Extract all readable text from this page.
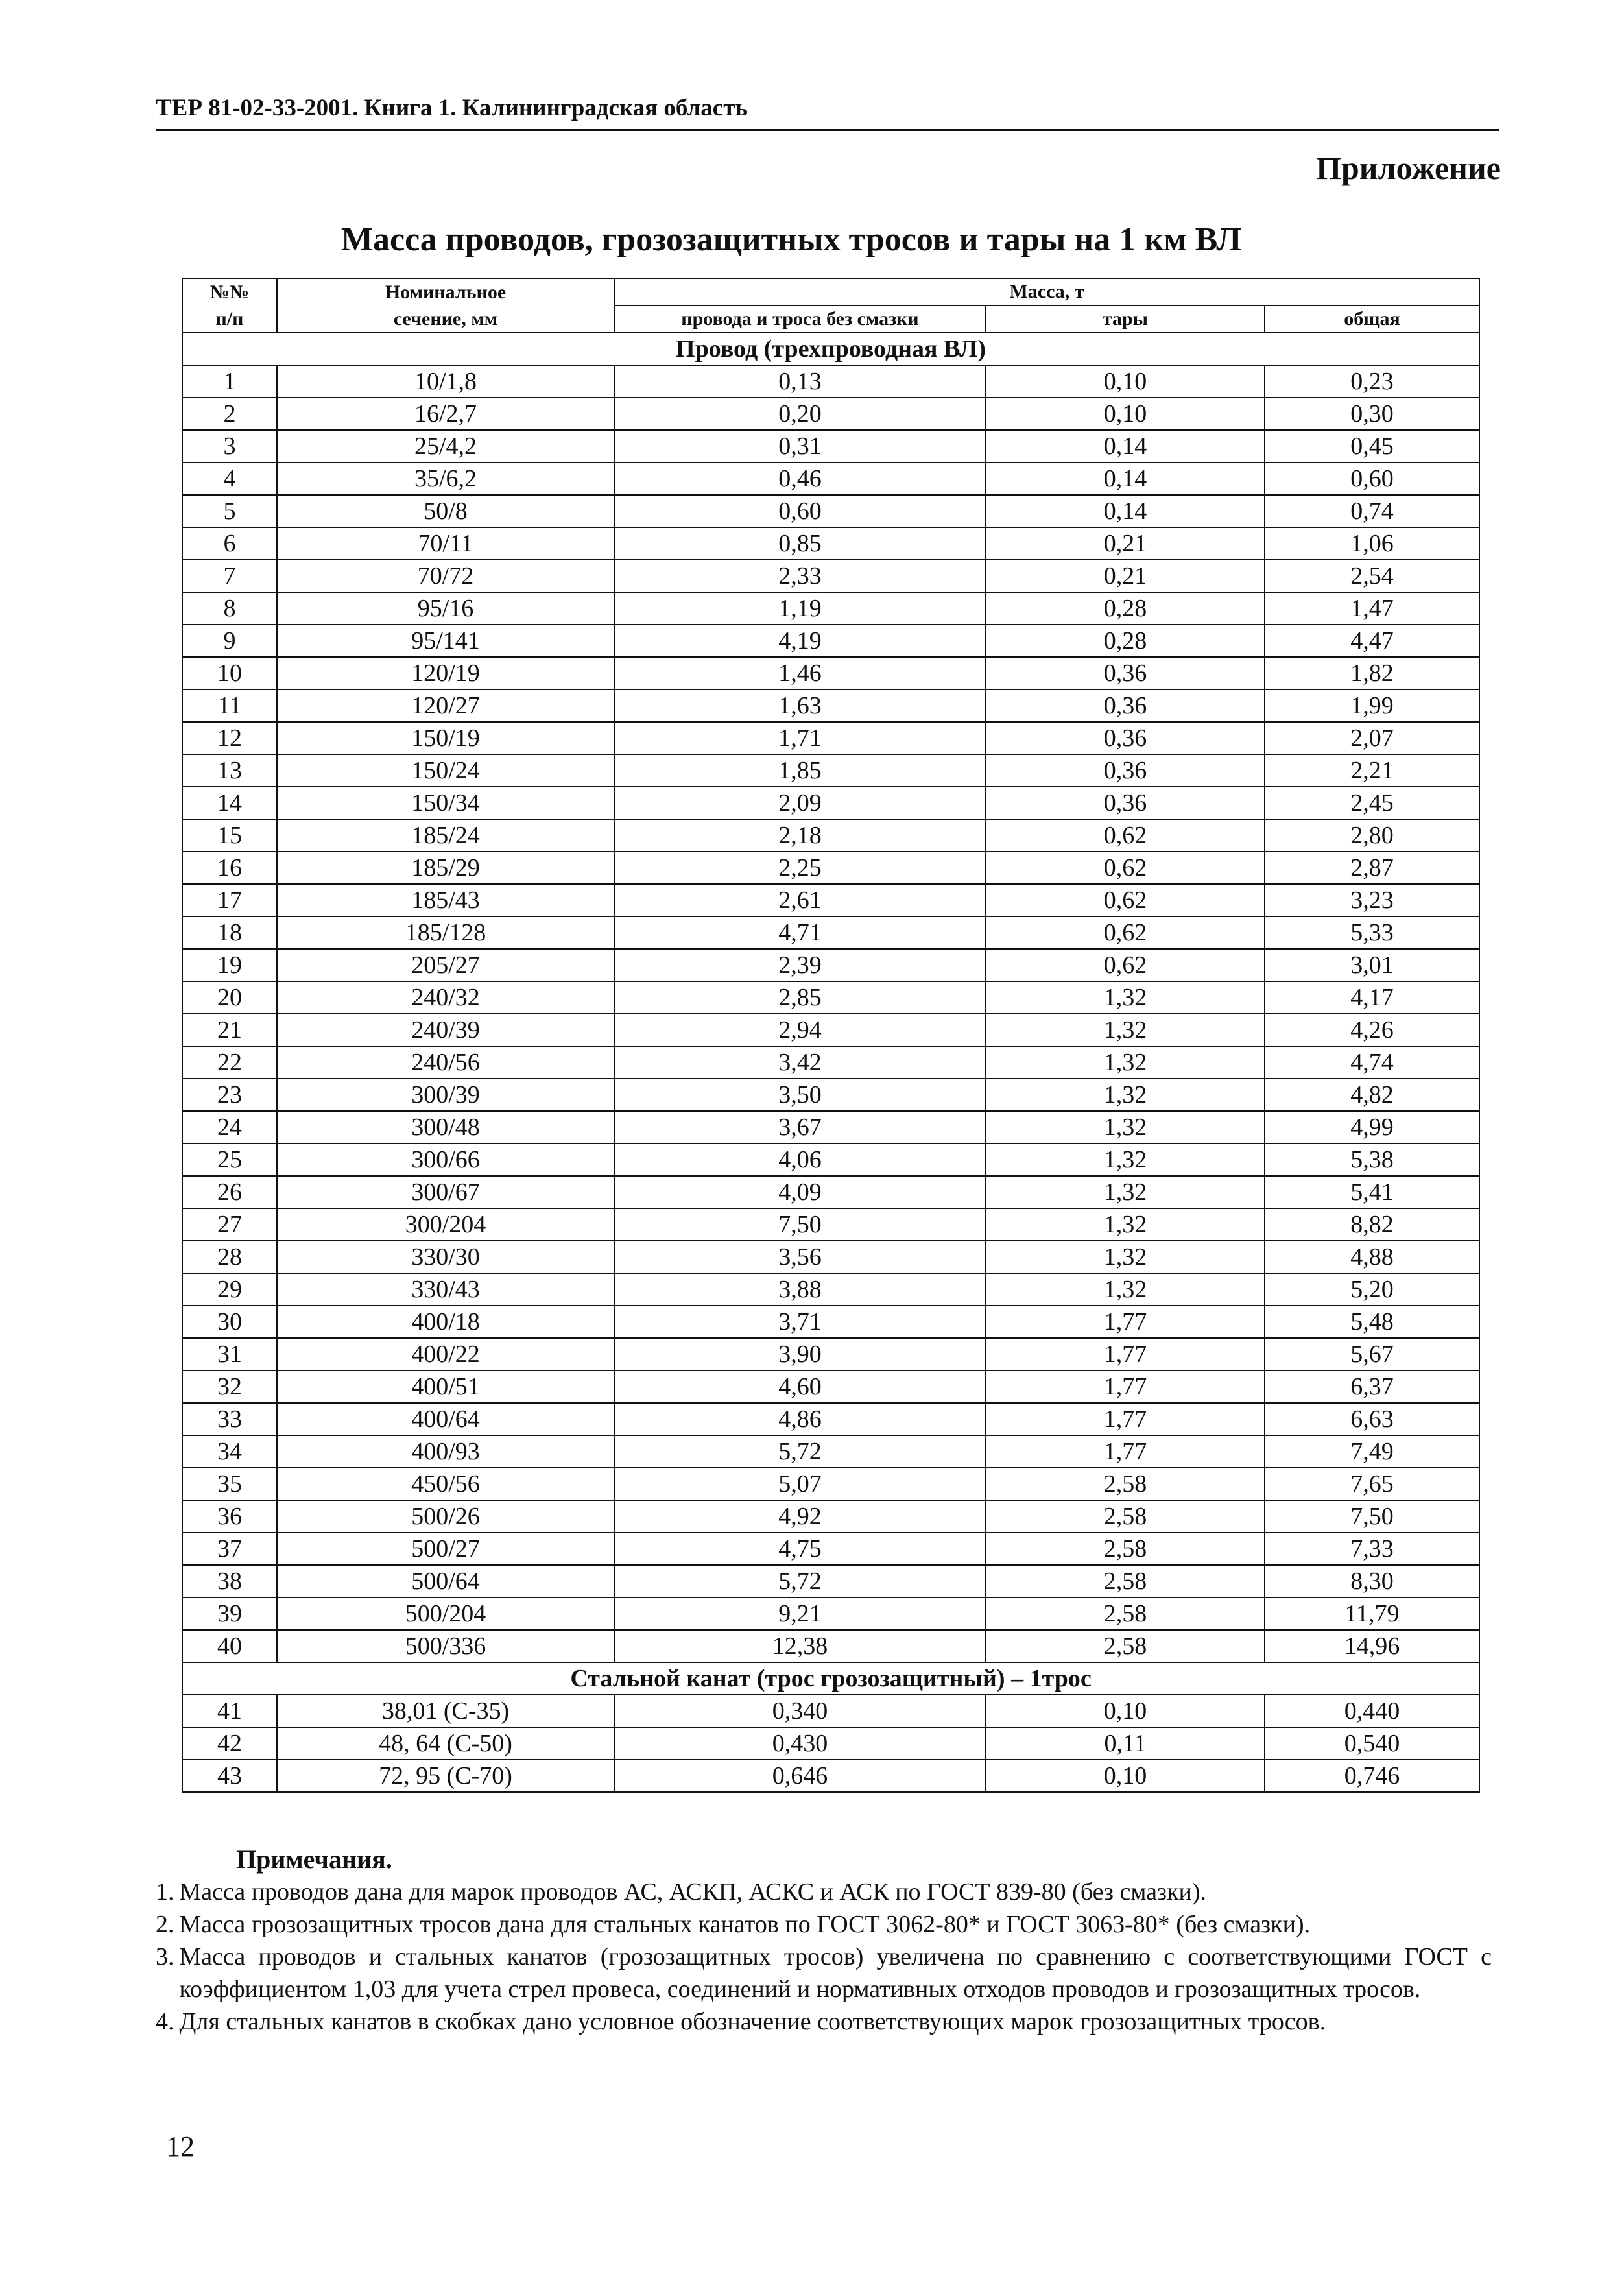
ТЕР 81-02-33-2001. Книга 1. Калининградская область
Приложение
Масса проводов, грозозащитных тросов и тары на 1 км ВЛ
№№	Номинальное	Масса, т		
п/п	сечение, мм	провода и троса без смазки	тары	общая
Провод (трехпроводная ВЛ)				
1	10/1,8	0,13	0,10	0,23
2	16/2,7	0,20	0,10	0,30
3	25/4,2	0,31	0,14	0,45
4	35/6,2	0,46	0,14	0,60
5	50/8	0,60	0,14	0,74
6	70/11	0,85	0,21	1,06
7	70/72	2,33	0,21	2,54
8	95/16	1,19	0,28	1,47
9	95/141	4,19	0,28	4,47
10	120/19	1,46	0,36	1,82
11	120/27	1,63	0,36	1,99
12	150/19	1,71	0,36	2,07
13	150/24	1,85	0,36	2,21
14	150/34	2,09	0,36	2,45
15	185/24	2,18	0,62	2,80
16	185/29	2,25	0,62	2,87
17	185/43	2,61	0,62	3,23
18	185/128	4,71	0,62	5,33
19	205/27	2,39	0,62	3,01
20	240/32	2,85	1,32	4,17
21	240/39	2,94	1,32	4,26
22	240/56	3,42	1,32	4,74
23	300/39	3,50	1,32	4,82
24	300/48	3,67	1,32	4,99
25	300/66	4,06	1,32	5,38
26	300/67	4,09	1,32	5,41
27	300/204	7,50	1,32	8,82
28	330/30	3,56	1,32	4,88
29	330/43	3,88	1,32	5,20
30	400/18	3,71	1,77	5,48
31	400/22	3,90	1,77	5,67
32	400/51	4,60	1,77	6,37
33	400/64	4,86	1,77	6,63
34	400/93	5,72	1,77	7,49
35	450/56	5,07	2,58	7,65
36	500/26	4,92	2,58	7,50
37	500/27	4,75	2,58	7,33
38	500/64	5,72	2,58	8,30
39	500/204	9,21	2,58	11,79
40	500/336	12,38	2,58	14,96
Стальной канат (трос грозозащитный) – 1трос				
41	38,01 (С-35)	0,340	0,10	0,440
42	48, 64 (С-50)	0,430	0,11	0,540
43	72, 95 (С-70)	0,646	0,10	0,746
Примечания.
1. Масса проводов дана для марок проводов АС, АСКП, АСКС и АСК по ГОСТ 839-80 (без смазки).
2. Масса грозозащитных тросов дана для стальных канатов по ГОСТ 3062-80* и ГОСТ 3063-80* (без смазки).
3. Масса проводов и стальных канатов (грозозащитных тросов) увеличена по сравнению с соответствующими ГОСТ с коэффициентом 1,03 для учета стрел провеса, соединений и нормативных отходов проводов и грозозащитных тросов.
4. Для стальных канатов в скобках дано условное обозначение соответствующих марок грозозащитных тросов.
12
